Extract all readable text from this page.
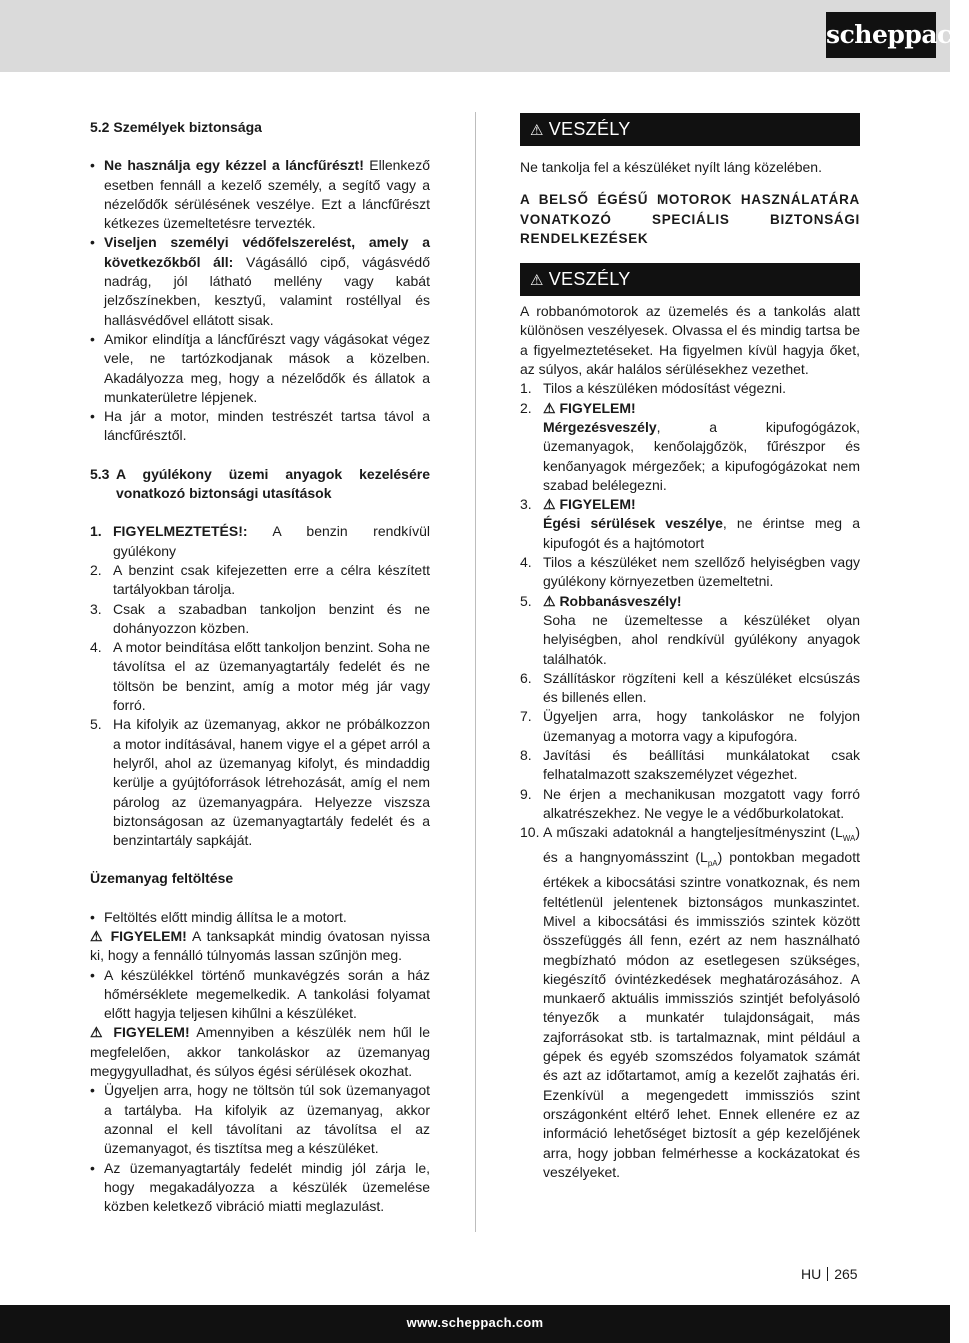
scheppach
5.2 Személyek biztonsága
• Ne használja egy kézzel a láncfűrészt! Ellenkező esetben fennáll a kezelő személy, a segítő vagy a nézelődők sérülésének veszélye. Ezt a láncfűrészt kétkezes üzemeltetésre tervezték.
• Viseljen személyi védőfelszerelést, amely a következőkből áll: Vágásálló cipő, vágásvédő nadrág, jól látható mellény vagy kabát jelzőszínekben, kesztyű, valamint rostéllyal és hallásvédővel ellátott sisak.
• Amikor elindítja a láncfűrészt vagy vágásokat végez vele, ne tartózkodjanak mások a közelben. Akadályozza meg, hogy a nézelődők és állatok a munkaterületre lépjenek.
• Ha jár a motor, minden testrészét tartsa távol a láncfűrésztől.
5.3 A gyúlékony üzemi anyagok kezelésére vonatkozó biztonsági utasítások
1. FIGYELMEZTETÉS!: A benzin rendkívül gyúlékony
2. A benzint csak kifejezetten erre a célra készített tartályokban tárolja.
3. Csak a szabadban tankoljon benzint és ne dohányozzon közben.
4. A motor beindítása előtt tankoljon benzint. Soha ne távolítsa el az üzemanyagtartály fedelét és ne töltsön be benzint, amíg a motor még jár vagy forró.
5. Ha kifolyik az üzemanyag, akkor ne próbálkozzon a motor indításával, hanem vigye el a gépet arról a helyről, ahol az üzemanyag kifolyt, és mindaddig kerülje a gyújtóforrások létrehozását, amíg el nem párolog az üzemanyagpára. Helyezze viszsza biztonságosan az üzemanyagtartály fedelét és a benzintartály sapkáját.
Üzemanyag feltöltése
• Feltöltés előtt mindig állítsa le a motort.

⚠ FIGYELEM! A tanksapkát mindig óvatosan nyissa ki, hogy a fennálló túlnyomás lassan szűnjön meg.

• A készülékkel történő munkavégzés során a ház hőmérséklete megemelkedik. A tankolási folyamat előtt hagyja teljesen kihűlni a készüléket.

⚠ FIGYELEM! Amennyiben a készülék nem hűl le megfelelően, akkor tankoláskor az üzemanyag megygyulladhat, és súlyos égési sérülések okozhat.

• Ügyeljen arra, hogy ne töltsön túl sok üzemanyagot a tartályba. Ha kifolyik az üzemanyag, akkor azonnal el kell távolítani az távolítsa el az üzemanyagot, és tisztítsa meg a készüléket.
• Az üzemanyagtartály fedelét mindig jól zárja le, hogy megakadályozza a készülék üzemelése közben keletkező vibráció miatti meglazulást.
⚠ VESZÉLY

Ne tankolja fel a készüléket nyílt láng közelében.

A BELSŐ ÉGÉSŰ MOTOROK HASZNÁLATÁRA VONATKOZÓ SPECIÁLIS BIZTONSÁGI RENDELKEZÉSEK
⚠ VESZÉLY

A robbanómotorok az üzemelés és a tankolás alatt különösen veszélyesek. Olvassa el és mindig tartsa be a figyelmeztetéseket. Ha figyelmen kívül hagyja őket, az súlyos, akár halálos sérülésekhez vezethet.

1. Tilos a készüléken módosítást végezni.
2. ⚠ FIGYELEM!
Mérgezésveszély, a kipufogógázok, üzemanyagok, kenőolajgőzök, fűrészpor és kenőanyagok mérgezőek; a kipufogógázokat nem szabad belélegezni.
3. ⚠ FIGYELEM!
Égési sérülések veszélye, ne érintse meg a kipufogót és a hajtómotort
4. Tilos a készüléket nem szellőző helyiségben vagy gyúlékony környezetben üzemeltetni.
5. ⚠ Robbanásveszély!
Soha ne üzemeltesse a készüléket olyan helyiségben, ahol rendkívül gyúlékony anyagok találhatók.
6. Szállításkor rögzíteni kell a készüléket elcsúszás és billenés ellen.
7. Ügyeljen arra, hogy tankoláskor ne folyjon üzemanyag a motorra vagy a kipufogóra.
8. Javítási és beállítási munkálatokat csak felhatalmazott szakszemélyzet végezhet.
9. Ne érjen a mechanikusan mozgatott vagy forró alkatrészekhez. Ne vegye le a védőburkolatokat.
10. A műszaki adatoknál a hangteljesítményszint $(L_{WA})$ és a hangnyomásszint $(L_{pA})$ pontokban megadott értékek a kibocsátási szintre vonatkoznak, és nem feltétlenül jelentenek biztonságos munkaszintet. Mivel a kibocsátási és immissziós szintek között összefüggés áll fenn, ezért az nem használható megbízható módon az esetlegesen szükséges, kiegészítő óvintézkedések meghatározásához. A munkaerő aktuális immissziós szintjét befolyásoló tényezők a munkatér tulajdonságait, más zajforrásokat stb. is tartalmaznak, mint például a gépek és egyéb szomszédos folyamatok számát és azt az időtartamot, amíg a kezelőt zajhatás éri. Ezenkívül a megengedett immissziós szint országonként eltérő lehet. Ennek ellenére ez az információ lehetőséget biztosít a gép kezelőjének arra, hogy jobban felmérhesse a kockázatokat és veszélyeket.
HU 265
www.scheppach.com
